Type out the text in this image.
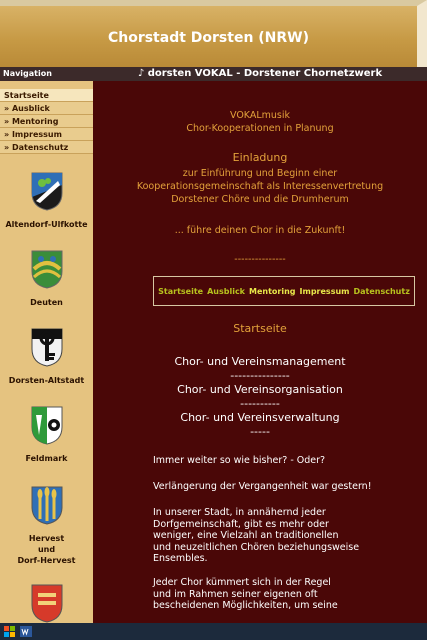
Chorstadt Dorsten (NRW)
Navigation
Startseite
» Ausblick
» Mentoring
» Impressum
» Datenschutz
Altendorf-Ulfkotte
Deuten
Dorsten-Altstadt
Feldmark
Hervest
und
Dorf-Hervest
♪ dorsten VOKAL - Dorstener Chornetzwerk
VOKALmusik
Chor-Kooperationen in Planung
Einladung
zur Einführung und Beginn einer
Kooperationsgemeinschaft als Interessenvertretung
Dorstener Chöre und die Drumherum
... führe deinen Chor in die Zukunft!
---------------
Startseite Ausblick Mentoring Impressum Datenschutz
Startseite
Chor- und Vereinsmanagement
---------------
Chor- und Vereinsorganisation
----------
Chor- und Vereinsverwaltung
-----
Immer weiter so wie bisher? - Oder?
Verlängerung der Vergangenheit war gestern!
In unserer Stadt, in annähernd jeder
Dorfgemeinschaft, gibt es mehr oder
weniger, eine Vielzahl an traditionellen
und neuzeitlichen Chören beziehungsweise
Ensembles.
Jeder Chor kümmert sich in der Regel
und im Rahmen seiner eigenen oft
bescheidenen Möglichkeiten, um seine
